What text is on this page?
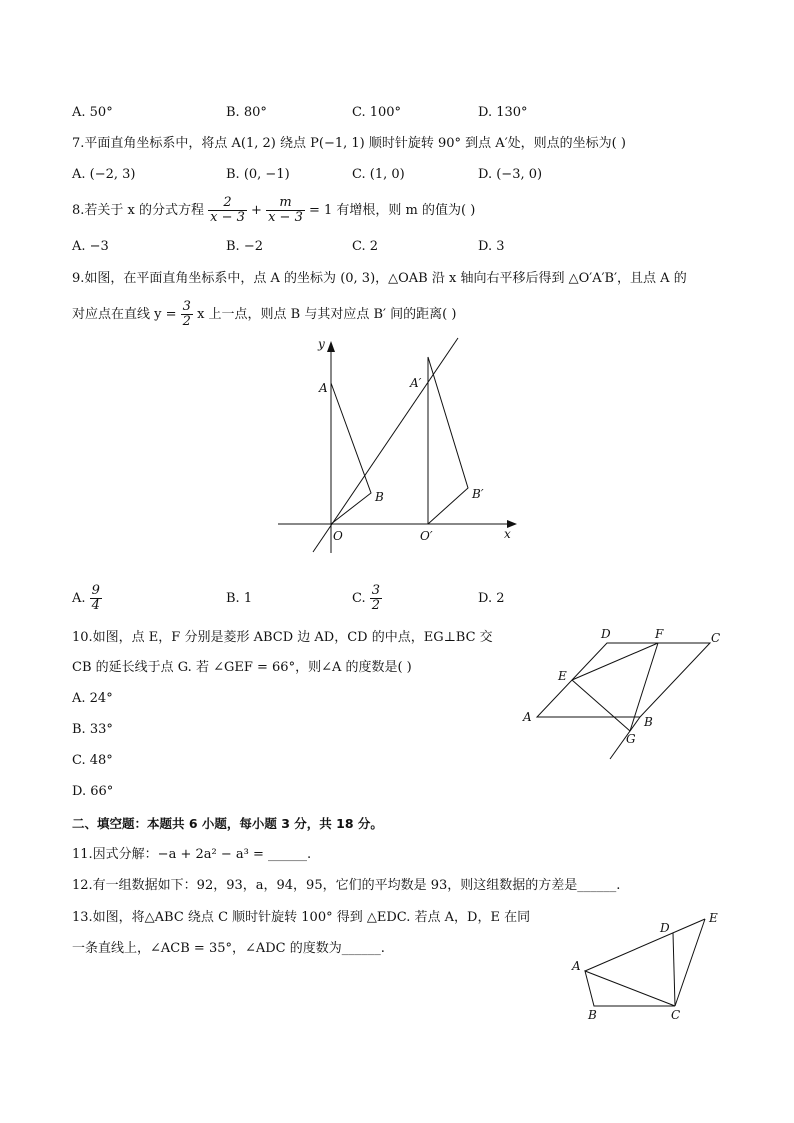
A. 50°	B. 80°	C. 100°	D. 130°
7.平面直角坐标系中，将点 A(1, 2) 绕点 P(−1, 1) 顺时针旋转 90° 到点 A′处，则点的坐标为( )
A. (−2, 3)	B. (0, −1)	C. (1, 0)	D. (−3, 0)
8.若关于 x 的分式方程 $\frac{2}{x - 3} + \frac{m}{x - 3} = 1$ 有增根，则 m 的值为( )
A. −3	B. −2	C. 2	D. 3
9.如图，在平面直角坐标系中，点 A 的坐标为 (0, 3)，△OAB 沿 x 轴向右平移后得到 △O′A′B′，且点 A 的
对应点在直线 $y = \frac{3}{2}$ x 上一点，则点 B 与其对应点 B′ 间的距离( )
y
x
A
B
O
A′
B′
O′
A. $\frac{9}{4}$	B. 1	C. $\frac{3}{2}$	D. 2
10.如图，点 E，F 分别是菱形 ABCD 边 AD，CD 的中点，EG⊥BC 交
CB 的延长线于点 G. 若 ∠GEF = 66°，则∠A 的度数是( )
A. 24°
B. 33°
C. 48°
D. 66°
A	B
C
D
E
F
G
二、填空题：本题共 6 小题，每小题 3 分，共 18 分。
11.因式分解：−a + 2a² − a³ = ______.
12.有一组数据如下：92，93，a，94，95，它们的平均数是 93，则这组数据的方差是______.
13.如图，将△ABC 绕点 C 顺时针旋转 100° 得到 △EDC. 若点 A，D，E 在同
一条直线上，∠ACB = 35°，∠ADC 的度数为______.
A
B	C
D
E
